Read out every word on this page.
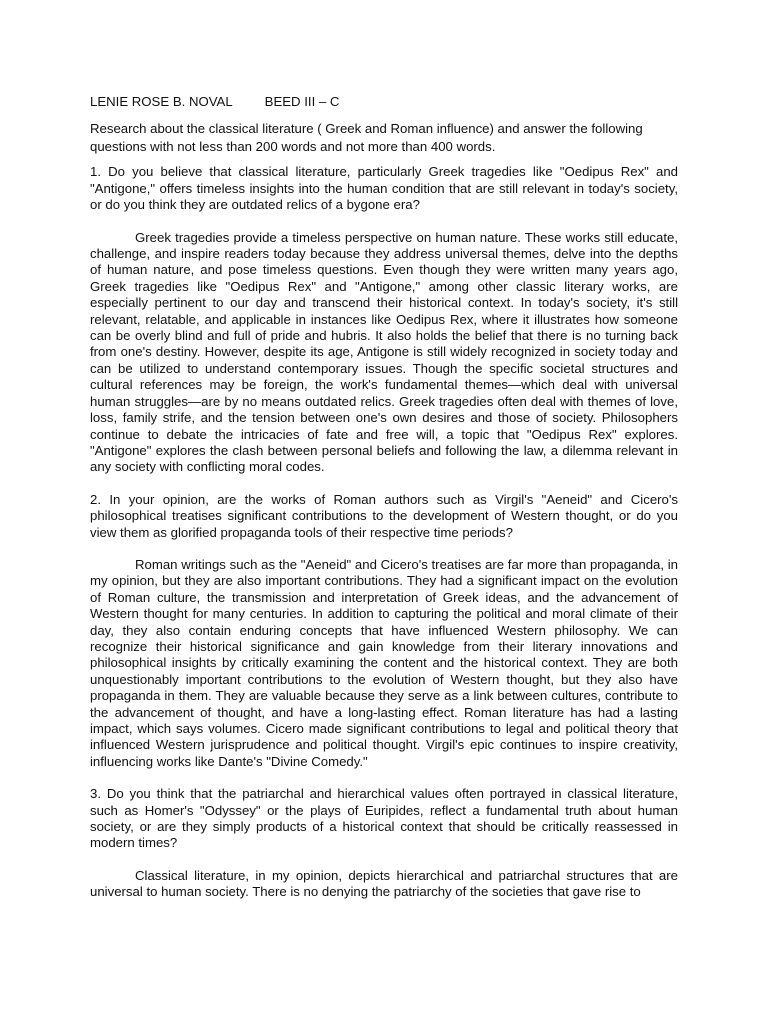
LENIE ROSE B. NOVAL BEED III – C

Research about the classical literature ( Greek and Roman influence) and answer the following questions with not less than 200 words and not more than 400 words.

1. Do you believe that classical literature, particularly Greek tragedies like "Oedipus Rex" and "Antigone," offers timeless insights into the human condition that are still relevant in today's society, or do you think they are outdated relics of a bygone era?

Greek tragedies provide a timeless perspective on human nature. These works still educate, challenge, and inspire readers today because they address universal themes, delve into the depths of human nature, and pose timeless questions. Even though they were written many years ago, Greek tragedies like "Oedipus Rex" and "Antigone," among other classic literary works, are especially pertinent to our day and transcend their historical context. In today's society, it's still relevant, relatable, and applicable in instances like Oedipus Rex, where it illustrates how someone can be overly blind and full of pride and hubris. It also holds the belief that there is no turning back from one's destiny. However, despite its age, Antigone is still widely recognized in society today and can be utilized to understand contemporary issues. Though the specific societal structures and cultural references may be foreign, the work's fundamental themes—which deal with universal human struggles—are by no means outdated relics. Greek tragedies often deal with themes of love, loss, family strife, and the tension between one's own desires and those of society. Philosophers continue to debate the intricacies of fate and free will, a topic that "Oedipus Rex" explores. "Antigone" explores the clash between personal beliefs and following the law, a dilemma relevant in any society with conflicting moral codes.

2. In your opinion, are the works of Roman authors such as Virgil's "Aeneid" and Cicero's philosophical treatises significant contributions to the development of Western thought, or do you view them as glorified propaganda tools of their respective time periods?

Roman writings such as the "Aeneid" and Cicero's treatises are far more than propaganda, in my opinion, but they are also important contributions. They had a significant impact on the evolution of Roman culture, the transmission and interpretation of Greek ideas, and the advancement of Western thought for many centuries. In addition to capturing the political and moral climate of their day, they also contain enduring concepts that have influenced Western philosophy. We can recognize their historical significance and gain knowledge from their literary innovations and philosophical insights by critically examining the content and the historical context. They are both unquestionably important contributions to the evolution of Western thought, but they also have propaganda in them. They are valuable because they serve as a link between cultures, contribute to the advancement of thought, and have a long-lasting effect. Roman literature has had a lasting impact, which says volumes. Cicero made significant contributions to legal and political theory that influenced Western jurisprudence and political thought. Virgil's epic continues to inspire creativity, influencing works like Dante's "Divine Comedy."

3. Do you think that the patriarchal and hierarchical values often portrayed in classical literature, such as Homer's "Odyssey" or the plays of Euripides, reflect a fundamental truth about human society, or are they simply products of a historical context that should be critically reassessed in modern times?

Classical literature, in my opinion, depicts hierarchical and patriarchal structures that are universal to human society. There is no denying the patriarchy of the societies that gave rise to
